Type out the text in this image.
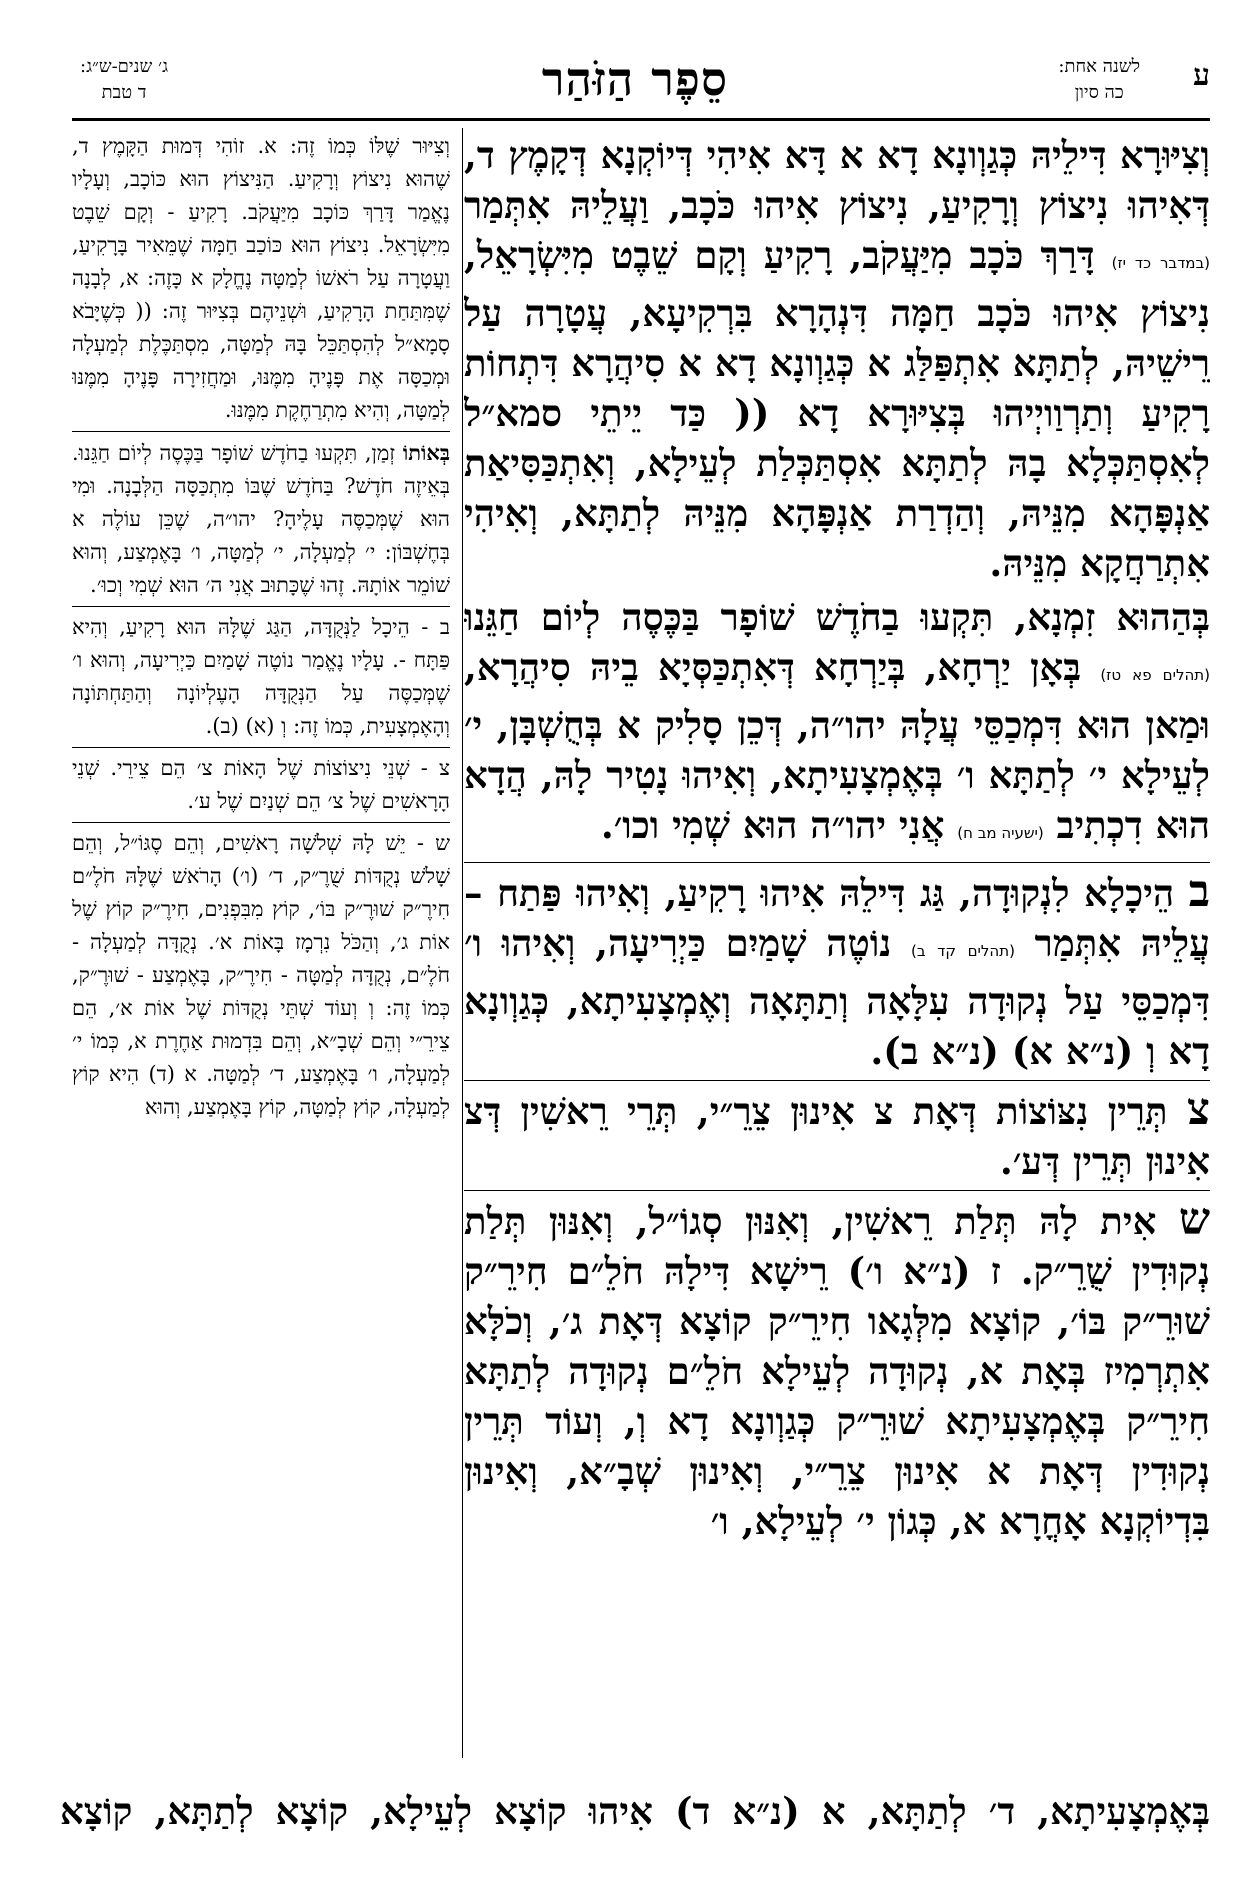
ע
לשנה אחת:
כה סיון
סֵפֶר הַזֹּהַר
ג׳ שנים-ש״ג:
ד טבת

וְצִיּוּרָא דִּילֵיהּ כְּגַוְונָא דָא א דָּא אִיהִי דְּיוֹקְנָא דְּקָמֶץ ד, דְּאִיהוּ נִיצוֹץ וְרָקִיעַ, נִיצוֹץ אִיהוּ כֹּכָב, וַעֲלֵיהּ אִתְּמַר (במדבר כד יז) דָּרַךְ כֹּכָב מִיַּעֲקֹב, רָקִיעַ וְקָם שֵׁבֶט מִיִּשְׂרָאֵל, נִיצוֹץ אִיהוּ כֹּכָב חַמָּה דִּנְהָרָא בִּרְקִיעָא, עֲטָרָה עַל רֵישֵׁיהּ, לְתַתָּא אִתְפַּלַּג א כְּגַוְונָא דָא א סִיהֲרָא דִּתְחוֹת רָקִיעַ וְתַרְוַויְיהוּ בְּצִיּוּרָא דָא (( כַּד יֵיתֵי סמא״ל לְאִסְתַּכְּלָא בָהּ לְתַתָּא אִסְתַּכְּלַת לְעֵילָא, וְאִתְכַּסִּיאַת אַנְפָּהָא מִנֵּיהּ, וְהַדְרַת אַנְפָּהָא מִנֵּיהּ לְתַתָּא, וְאִיהִי אִתְרַחֲקָא מִנֵּיהּ.

בְּהַהוּא זִמְנָא, תִּקְעוּ בַחֹדֶשׁ שׁוֹפָר בַּכֶּסֶה לְיוֹם חַגֵּנוּ (תהלים פא טז) בְּאָן יַרְחָא, בְּיַרְחָא דְּאִתְכַּסְּיָא בֵיהּ סִיהֲרָא, וּמַאן הוּא דִּמְכַסֵּי עֲלָהּ יהו״ה, דְּכֵן סָלִיק א בְּחֻשְׁבָּן, י׳ לְעֵילָא י׳ לְתַתָּא ו׳ בְּאֶמְצָעִיתָא, וְאִיהוּ נָטִיר לָהּ, הֲדָא הוּא דִכְתִיב (ישעיה מב ח) אֲנִי יהו״ה הוּא שְׁמִי וכו׳.

ב הֵיכָלָא לִנְקוּדָה, גַּג דִּילֵהּ אִיהוּ רָקִיעַ, וְאִיהוּ פַּתַח – עֲלֵיהּ אִתְּמַר (תהלים קד ב) נוֹטֶה שָׁמַיִם כַּיְרִיעָה, וְאִיהוּ ו׳ דִּמְכַסֵּי עַל נְקוּדָה עִלָּאָה וְתַתָּאָה וְאֶמְצָעִיתָא, כְּגַוְונָא דָא וְ (נ״א א) (נ״א ב).

צ תְּרֵין נִצּוֹצוֹת דְּאָת צ אִינוּן צֵרֵ״י, תְּרֵי רֵאשִׁין דְּצ אִינוּן תְּרֵין דְּע׳.

ש אִית לָהּ תְּלַת רֵאשִׁין, וְאִנּוּן סְגוֹ״ל, וְאִנּוּן תְּלַת נְקוּדִין שֻׁרֵ״ק. ז (נ״א ו׳) רֵישָׁא דִּילָהּ חֹלֵ״ם חִירֵ״ק שׁוּרֵ״ק בּוֹ׳, קוֹצָא מִלְּגָאו חִירֵ״ק קוֹצָא דְּאָת ג׳, וְכֹלָּא אִתְרְמִיז בְּאָת א, נְקוּדָה לְעֵילָא חֹלֵ״ם נְקוּדָה לְתַתָּא חִירֵ״ק בְּאֶמְצָעִיתָא שׁוּרֵ״ק כְּגַוְונָא דָא וְ, וְעוֹד תְּרֵין נְקוּדִין דְּאָת א אִינוּן צֵרֵ״י, וְאִינוּן שְׁבָ״א, וְאִינוּן בִּדְיוֹקְנָא אָחֳרָא א, כְּגוֹן י׳ לְעֵילָא, ו׳

וְצִיּוּר שֶׁלּוֹ כְּמוֹ זֶה: א. זוֹהִי דְּמוּת הַקָּמֶץ ד, שֶׁהוּא נִיצוֹץ וְרָקִיעַ. הַנִּיצוֹץ הוּא כּוֹכָב, וְעָלָיו נֶאֱמַר דָּרַךְ כּוֹכָב מִיַּעֲקֹב. רָקִיעַ - וְקָם שֵׁבֶט מִיִּשְׂרָאֵל. נִיצוֹץ הוּא כּוֹכַב חַמָּה שֶׁמֵּאִיר בָּרָקִיעַ, וַעֲטָרָה עַל רֹאשׁוֹ לְמַטָּה נֶחֱלָק א כָּזֶה: א, לְבָנָה שֶׁמִּתַּחַת הָרָקִיעַ, וּשְׁנֵיהֶם בְּצִיּוּר זֶה: (( כְּשֶׁיָּבֹא סָמָא״ל לְהִסְתַּכֵּל בָּהּ לְמַטָּה, מִסְתַּכֶּלֶת לְמַעְלָה וּמְכַסָּה אֶת פָּנֶיהָ מִמֶּנּוּ, וּמַחֲזִירָה פָּנֶיהָ מִמֶּנּוּ לְמַטָּה, וְהִיא מִתְרַחֶקֶת מִמֶּנּוּ.

בְּאוֹתוֹ זְמַן, תִּקְעוּ בַחֹדֶשׁ שׁוֹפָר בַּכֶּסֶה לְיוֹם חַגֵּנוּ. בְּאֵיזֶה חֹדֶשׁ? בַּחֹדֶשׁ שֶׁבּוֹ מִתְכַּסָּה הַלְּבָנָה. וּמִי הוּא שֶׁמְּכַסֶּה עָלֶיהָ? יהו״ה, שֶׁכֵּן עוֹלֶה א בְּחֶשְׁבּוֹן: י׳ לְמַעְלָה, י׳ לְמַטָּה, ו׳ בָּאֶמְצַע, וְהוּא שׁוֹמֵר אוֹתָהּ. זֶהוּ שֶׁכָּתוּב אֲנִי ה׳ הוּא שְׁמִי וְכוּ׳.

ב - הֵיכָל לַנְּקֻדָּה, הַגַּג שֶׁלָּהּ הוּא רָקִיעַ, וְהִיא פַּתָּח -. עָלָיו נֶאֱמַר נוֹטֶה שָׁמַיִם כַּיְרִיעָה, וְהוּא ו׳ שֶׁמְּכַסֶּה עַל הַנְּקֻדָּה הָעֶלְיוֹנָה וְהַתַּחְתּוֹנָה וְהָאֶמְצָעִית, כְּמוֹ זֶה: וְ (א) (ב).

צ - שְׁנֵי נִיצוֹצוֹת שֶׁל הָאוֹת צ׳ הֵם צֵירֵי. שְׁנֵי הָרָאשִׁים שֶׁל צ׳ הֵם שְׁנַיִם שֶׁל ע׳.

ש - יֵשׁ לָהּ שְׁלֹשָׁה רָאשִׁים, וְהֵם סֶגּוֹ״ל, וְהֵם שָׁלֹשׁ נְקֻדּוֹת שֻׁרֶ״ק, ד׳ (ו׳) הָרֹאשׁ שֶׁלָּהּ חֹלֶ״ם חִירֶ״ק שׁוּרֶ״ק בּוֹ׳, קוֹץ מִבִּפְנִים, חִירֶ״ק קוֹץ שֶׁל אוֹת ג׳, וְהַכֹּל נִרְמָז בָּאוֹת א׳. נְקֻדָּה לְמַעְלָה - חֹלֶ״ם, נְקֻדָּה לְמַטָּה - חִירֶ״ק, בָּאֶמְצַע - שׁוּרֶ״ק, כְּמוֹ זֶה: וְ וְעוֹד שְׁתֵּי נְקֻדּוֹת שֶׁל אוֹת א׳, הֵם צֵירֵ״י וְהֵם שְׁבָ״א, וְהֵם בִּדְמוּת אַחֶרֶת א, כְּמוֹ י׳ לְמַעְלָה, ו׳ בָּאֶמְצַע, ד׳ לְמַטָּה. א (ד) הִיא קוֹץ לְמַעְלָה, קוֹץ לְמַטָּה, קוֹץ בָּאֶמְצַע, וְהוּא

בְּאֶמְצָעִיתָא, ד׳ לְתַתָּא, א (נ״א ד) אִיהוּ קוֹצָא לְעֵילָא, קוֹצָא לְתַתָּא, קוֹצָא
